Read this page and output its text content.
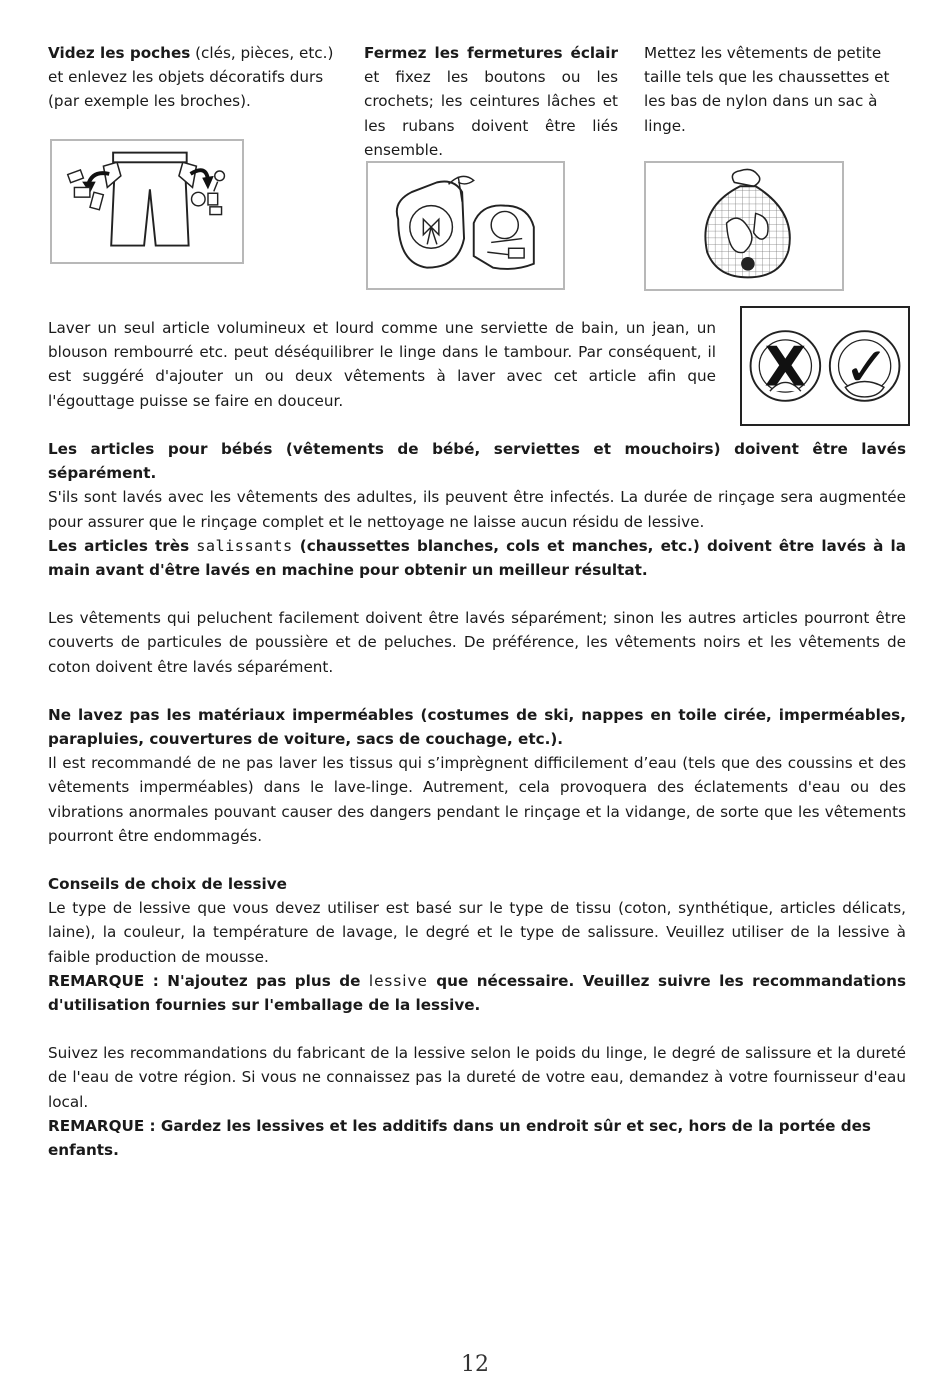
Videz les poches (clés, pièces, etc.) et enlevez les objets décoratifs durs (par exemple les broches).

Fermez les fermetures éclair et fixez les boutons ou les crochets; les ceintures lâches et les rubans doivent être liés ensemble.

Mettez les vêtements de petite taille tels que les chaussettes et les bas de nylon dans un sac à linge.

Laver un seul article volumineux et lourd comme une serviette de bain, un jean, un blouson rembourré etc. peut déséquilibrer le linge dans le tambour. Par conséquent, il est suggéré d'ajouter un ou deux vêtements à laver avec cet article afin que l'égouttage puisse se faire en douceur.

X ✓

Les articles pour bébés (vêtements de bébé, serviettes et mouchoirs) doivent être lavés séparément.

S'ils sont lavés avec les vêtements des adultes, ils peuvent être infectés. La durée de rinçage sera augmentée pour assurer que le rinçage complet et le nettoyage ne laisse aucun résidu de lessive.

Les articles très salissants (chaussettes blanches, cols et manches, etc.) doivent être lavés à la main avant d'être lavés en machine pour obtenir un meilleur résultat.

Les vêtements qui peluchent facilement doivent être lavés séparément; sinon les autres articles pourront être couverts de particules de poussière et de peluches. De préférence, les vêtements noirs et les vêtements de coton doivent être lavés séparément.

Ne lavez pas les matériaux imperméables (costumes de ski, nappes en toile cirée, imperméables, parapluies, couvertures de voiture, sacs de couchage, etc.).

Il est recommandé de ne pas laver les tissus qui s’imprègnent difficilement d’eau (tels que des coussins et des vêtements imperméables) dans le lave-linge. Autrement, cela provoquera des éclatements d'eau ou des vibrations anormales pouvant causer des dangers pendant le rinçage et la vidange, de sorte que les vêtements pourront être endommagés.

Conseils de choix de lessive

Le type de lessive que vous devez utiliser est basé sur le type de tissu (coton, synthétique, articles délicats, laine), la couleur, la température de lavage, le degré et le type de salissure. Veuillez utiliser de la lessive à faible production de mousse.

REMARQUE : N'ajoutez pas plus de lessive que nécessaire. Veuillez suivre les recommandations d'utilisation fournies sur l'emballage de la lessive.

Suivez les recommandations du fabricant de la lessive selon le poids du linge, le degré de salissure et la dureté de l'eau de votre région. Si vous ne connaissez pas la dureté de votre eau, demandez à votre fournisseur d'eau local.

REMARQUE : Gardez les lessives et les additifs dans un endroit sûr et sec, hors de la portée des enfants.

12
